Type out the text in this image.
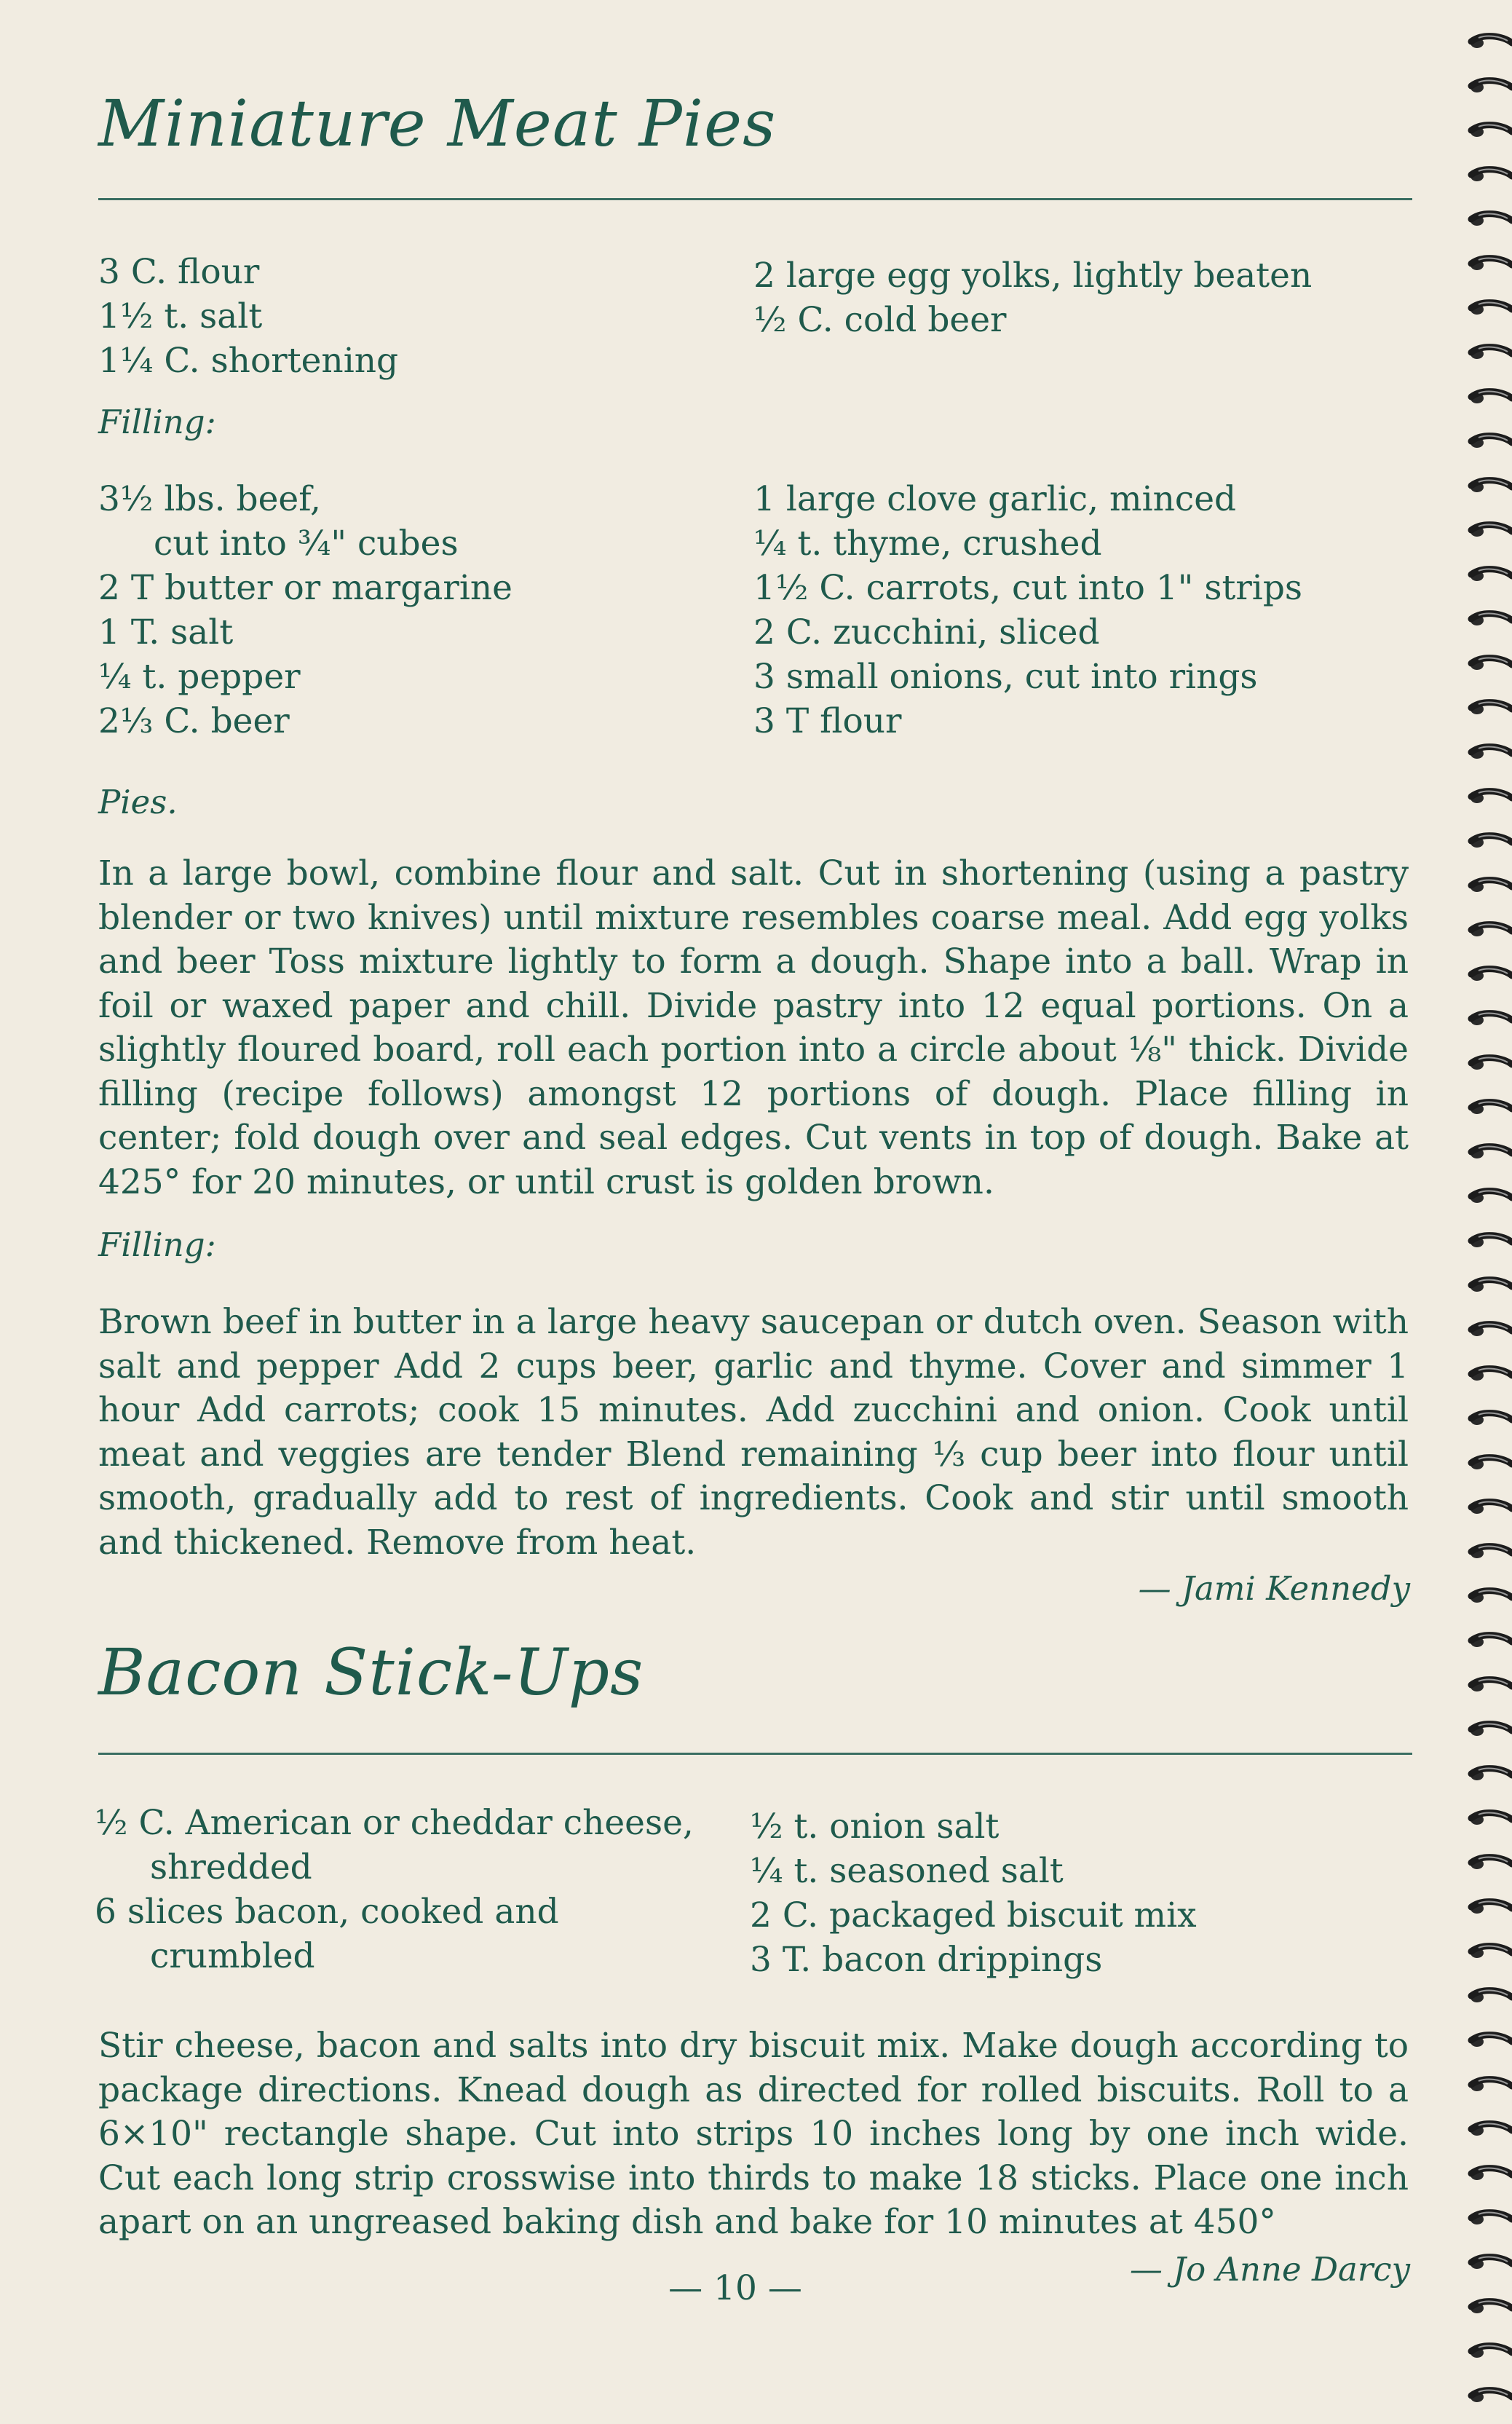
Miniature Meat Pies
3 C. flour
1½ t. salt
1¼ C. shortening
2 large egg yolks, lightly beaten
½ C. cold beer
Filling:
3½ lbs. beef,
cut into ¾" cubes
2 T butter or margarine
1 T. salt
¼ t. pepper
2⅓ C. beer
1 large clove garlic, minced
¼ t. thyme, crushed
1½ C. carrots, cut into 1" strips
2 C. zucchini, sliced
3 small onions, cut into rings
3 T flour
Pies.
In a large bowl, combine flour and salt. Cut in shortening (using a pastry blender or two knives) until mixture resembles coarse meal. Add egg yolks and beer Toss mixture lightly to form a dough. Shape into a ball. Wrap in foil or waxed paper and chill. Divide pastry into 12 equal portions. On a slightly floured board, roll each portion into a circle about ⅛" thick. Divide filling (recipe follows) amongst 12 portions of dough. Place filling in center; fold dough over and seal edges. Cut vents in top of dough. Bake at 425° for 20 minutes, or until crust is golden brown.
Filling:
Brown beef in butter in a large heavy saucepan or dutch oven. Season with salt and pepper Add 2 cups beer, garlic and thyme. Cover and simmer 1 hour Add carrots; cook 15 minutes. Add zucchini and onion. Cook until meat and veggies are tender Blend remaining ⅓ cup beer into flour until smooth, gradually add to rest of ingredients. Cook and stir until smooth and thickened. Remove from heat.
— Jami Kennedy
Bacon Stick-Ups
½ C. American or cheddar cheese,
shredded
6 slices bacon, cooked and
crumbled
½ t. onion salt
¼ t. seasoned salt
2 C. packaged biscuit mix
3 T. bacon drippings
Stir cheese, bacon and salts into dry biscuit mix. Make dough according to package directions. Knead dough as directed for rolled biscuits. Roll to a 6×10" rectangle shape. Cut into strips 10 inches long by one inch wide. Cut each long strip crosswise into thirds to make 18 sticks. Place one inch apart on an ungreased baking dish and bake for 10 minutes at 450°
— Jo Anne Darcy
— 10 —
